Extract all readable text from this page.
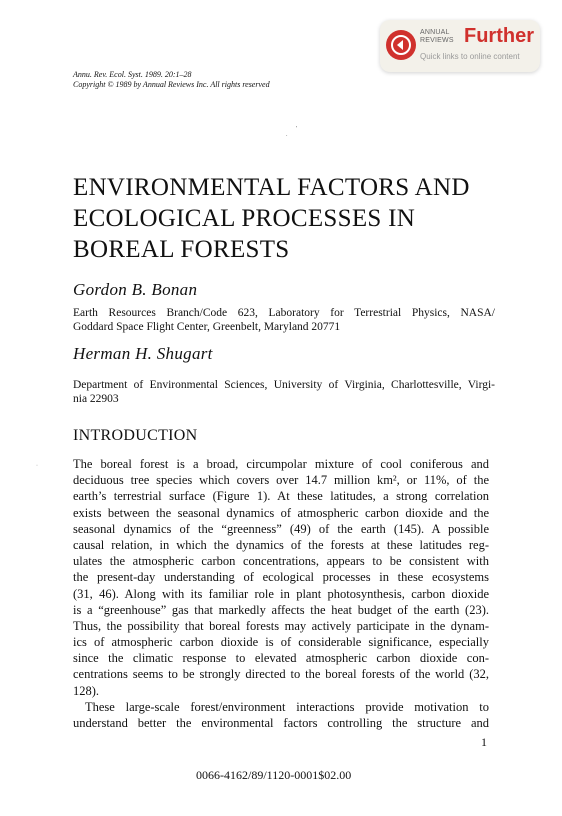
ANNUAL
REVIEWS Further
Quick links to online content
Annu. Rev. Ecol. Syst. 1989. 20:1–28
Copyright © 1989 by Annual Reviews Inc. All rights reserved
.
'
ENVIRONMENTAL FACTORS AND
ECOLOGICAL PROCESSES IN
BOREAL FORESTS
Gordon B. Bonan
Earth Resources Branch/Code 623, Laboratory for Terrestrial Physics, NASA/
Goddard Space Flight Center, Greenbelt, Maryland 20771
Herman H. Shugart
Department of Environmental Sciences, University of Virginia, Charlottesville, Virgi-
nia 22903
INTRODUCTION
·	The boreal forest is a broad, circumpolar mixture of cool coniferous and
deciduous tree species which covers over 14.7 million km², or 11%, of the
earth’s terrestrial surface (Figure 1). At these latitudes, a strong correlation
exists between the seasonal dynamics of atmospheric carbon dioxide and the
seasonal dynamics of the “greenness” (49) of the earth (145). A possible
causal relation, in which the dynamics of the forests at these latitudes reg-
ulates the atmospheric carbon concentrations, appears to be consistent with
the present-day understanding of ecological processes in these ecosystems
(31, 46). Along with its familiar role in plant photosynthesis, carbon dioxide
is a “greenhouse” gas that markedly affects the heat budget of the earth (23).
Thus, the possibility that boreal forests may actively participate in the dynam-
ics of atmospheric carbon dioxide is of considerable significance, especially
since the climatic response to elevated atmospheric carbon dioxide con-
centrations seems to be strongly directed to the boreal forests of the world (32,
128).
These large-scale forest/environment interactions provide motivation to
understand better the environmental factors controlling the structure and
1
0066-4162/89/1120-0001$02.00
